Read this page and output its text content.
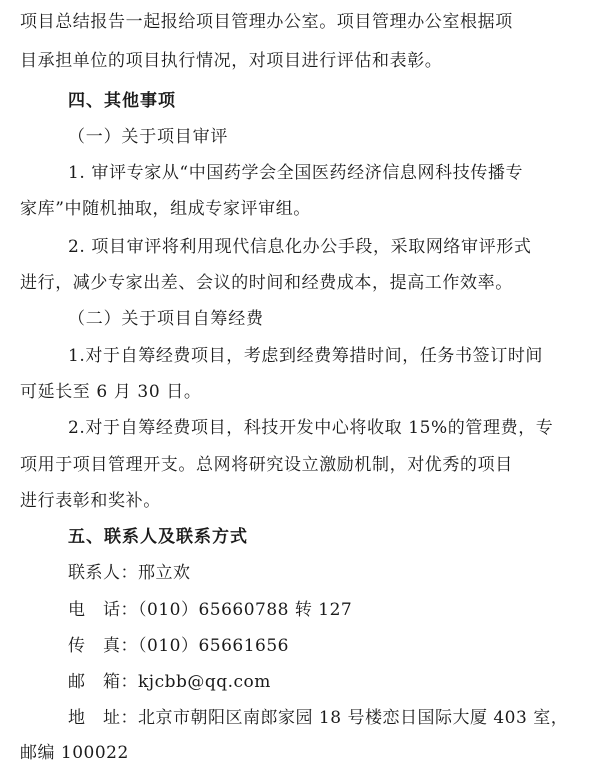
项目总结报告一起报给项目管理办公室。项目管理办公室根据项
目承担单位的项目执行情况，对项目进行评估和表彰。
四、其他事项
（一）关于项目审评
1. 审评专家从“中国药学会全国医药经济信息网科技传播专
家库”中随机抽取，组成专家评审组。
2. 项目审评将利用现代信息化办公手段，采取网络审评形式
进行，减少专家出差、会议的时间和经费成本，提高工作效率。
（二）关于项目自筹经费
1.对于自筹经费项目，考虑到经费筹措时间，任务书签订时间
可延长至 6 月 30 日。
2.对于自筹经费项目，科技开发中心将收取 15%的管理费，专
项用于项目管理开支。总网将研究设立激励机制，对优秀的项目
进行表彰和奖补。
五、联系人及联系方式
联系人：邢立欢
电　话：（010）65660788 转 127
传　真：（010）65661656
邮　箱：kjcbb@qq.com
地　址：北京市朝阳区南郎家园 18 号楼恋日国际大厦 403 室，
邮编 100022
